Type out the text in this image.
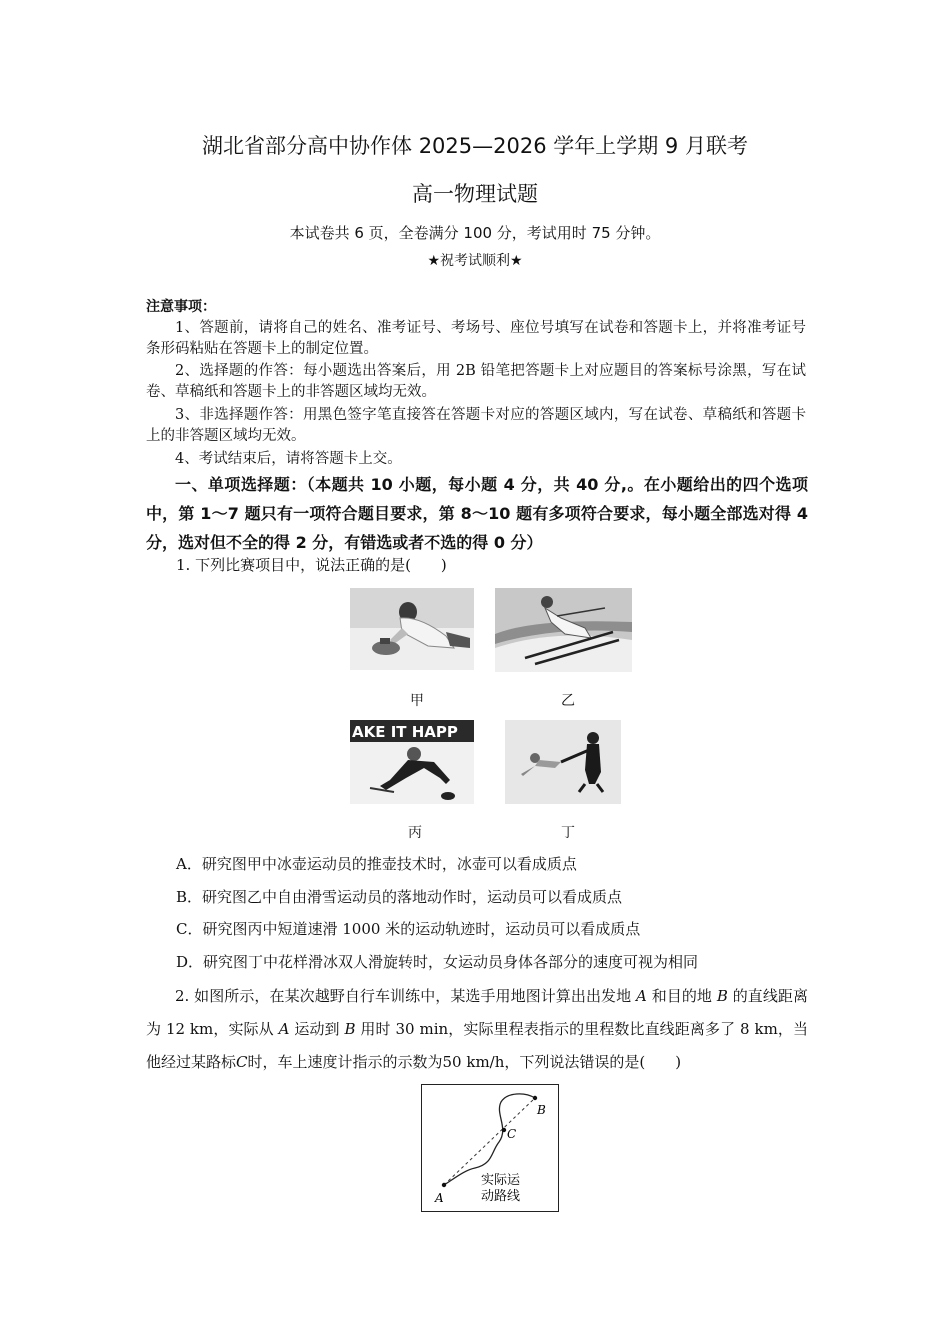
湖北省部分高中协作体 2025—2026 学年上学期 9 月联考
高一物理试题
本试卷共 6 页，全卷满分 100 分，考试用时 75 分钟。
★祝考试顺利★
注意事项：
1、答题前，请将自己的姓名、准考证号、考场号、座位号填写在试卷和答题卡上，并将准考证号条形码粘贴在答题卡上的制定位置。
2、选择题的作答：每小题选出答案后，用 2B 铅笔把答题卡上对应题目的答案标号涂黑，写在试卷、草稿纸和答题卡上的非答题区域均无效。
3、非选择题作答：用黑色签字笔直接答在答题卡对应的答题区域内，写在试卷、草稿纸和答题卡上的非答题区域均无效。
4、考试结束后，请将答题卡上交。
一、单项选择题：（本题共 10 小题，每小题 4 分，共 40 分,。在小题给出的四个选项中，第 1～7 题只有一项符合题目要求，第 8～10 题有多项符合要求，每小题全部选对得 4 分，选对但不全的得 2 分，有错选或者不选的得 0 分）
1. 下列比赛项目中，说法正确的是(　　)
甲	乙
AKE IT HAPP
丙	丁
A．研究图甲中冰壶运动员的推壶技术时，冰壶可以看成质点
B．研究图乙中自由滑雪运动员的落地动作时，运动员可以看成质点
C．研究图丙中短道速滑 1000 米的运动轨迹时，运动员可以看成质点
D．研究图丁中花样滑冰双人滑旋转时，女运动员身体各部分的速度可视为相同
2. 如图所示，在某次越野自行车训练中，某选手用地图计算出出发地 A 和目的地 B 的直线距离为 12 km，实际从 A 运动到 B 用时 30 min，实际里程表指示的里程数比直线距离多了 8 km，当他经过某路标C时，车上速度计指示的示数为50 km/h，下列说法错误的是(　　)
A
B
C
实际运
动路线
